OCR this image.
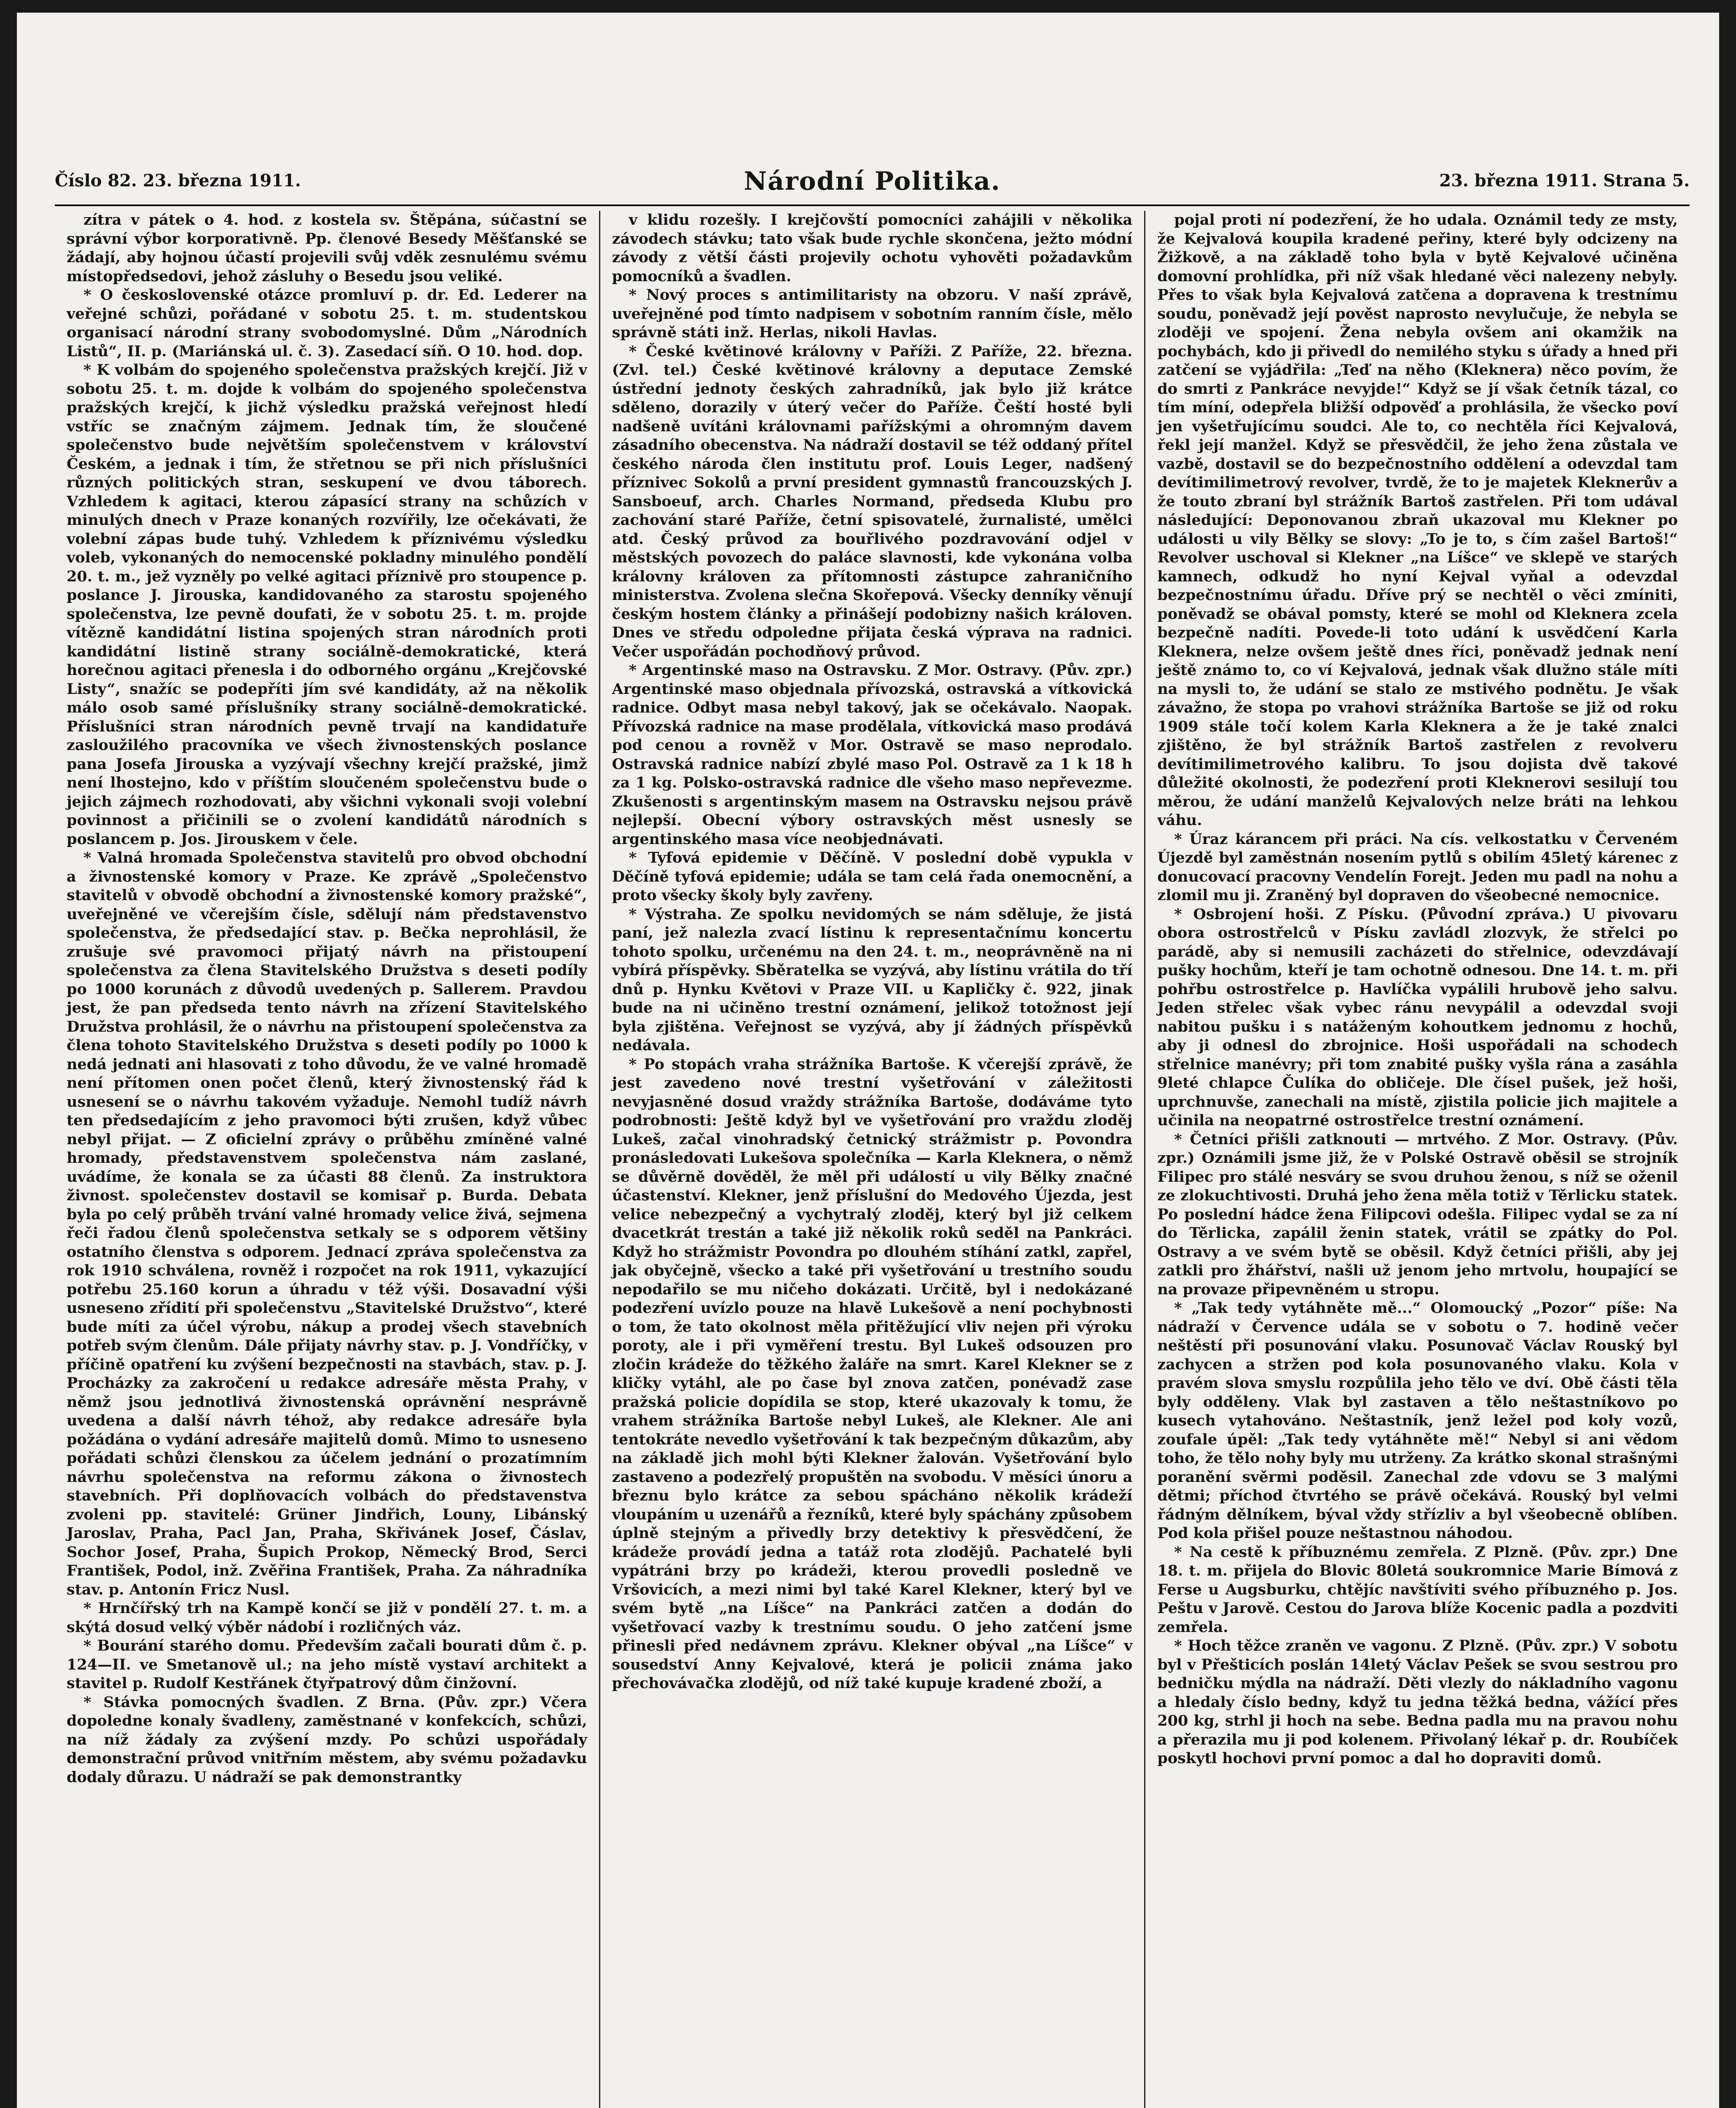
Číslo 82. 23. března 1911.	Národní Politika.	23. března 1911. Strana 5.

zítra v pátek o 4. hod. z kostela sv. Štěpána, súčastní se správní výbor korporativně. Pp. členové Besedy Měšťanské se žádají, aby hojnou účastí projevili svůj vděk zesnulému svému místopředsedovi, jehož zásluhy o Besedu jsou veliké.

* O československé otázce promluví p. dr. Ed. Lederer na veřejné schůzi, pořádané v sobotu 25. t. m. studentskou organisací národní strany svobodomyslné. Dům „Národních Listů“, II. p. (Mariánská ul. č. 3). Zasedací síň. O 10. hod. dop.

* K volbám do spojeného společenstva pražských krejčí. Již v sobotu 25. t. m. dojde k volbám do spojeného společenstva pražských krejčí, k jichž výsledku pražská veřejnost hledí vstříc se značným zájmem. Jednak tím, že sloučené společenstvo bude největším společenstvem v království Českém, a jednak i tím, že střetnou se při nich příslušníci různých politických stran, seskupení ve dvou táborech. Vzhledem k agitaci, kterou zápasící strany na schůzích v minulých dnech v Praze konaných rozvířily, lze očekávati, že volební zápas bude tuhý. Vzhledem k příznivému výsledku voleb, vykonaných do nemocenské pokladny minulého pondělí 20. t. m., jež vyzněly po velké agitaci příznivě pro stoupence p. poslance J. Jirouska, kandidovaného za starostu spojeného společenstva, lze pevně doufati, že v sobotu 25. t. m. projde vítězně kandidátní listina spojených stran národních proti kandidátní listině strany sociálně-demokratické, která horečnou agitaci přenesla i do odborného orgánu „Krejčovské Listy“, snažíc se podepříti jím své kandidáty, až na několik málo osob samé příslušníky strany sociálně-demokratické. Příslušníci stran národních pevně trvají na kandidatuře zasloužilého pracovníka ve všech živnostenských poslance pana Josefa Jirouska a vyzývají všechny krejčí pražské, jimž není lhostejno, kdo v příštím sloučeném společenstvu bude o jejich zájmech rozhodovati, aby všichni vykonali svoji volební povinnost a přičinili se o zvolení kandidátů národních s poslancem p. Jos. Jirouskem v čele.

* Valná hromada Společenstva stavitelů pro obvod obchodní a živnostenské komory v Praze. Ke zprávě „Společenstvo stavitelů v obvodě obchodní a živnostenské komory pražské“, uveřejněné ve včerejším čísle, sdělují nám představenstvo společenstva, že předsedající stav. p. Bečka neprohlásil, že zrušuje své pravomoci přijatý návrh na přistoupení společenstva za člena Stavitelského Družstva s deseti podíly po 1000 korunách z důvodů uvedených p. Sallerem. Pravdou jest, že pan předseda tento návrh na zřízení Stavitelského Družstva prohlásil, že o návrhu na přistoupení společenstva za člena tohoto Stavitelského Družstva s deseti podíly po 1000 k nedá jednati ani hlasovati z toho důvodu, že ve valné hromadě není přítomen onen počet členů, který živnostenský řád k usnesení se o návrhu takovém vyžaduje. Nemohl tudíž návrh ten předsedajícím z jeho pravomoci býti zrušen, když vůbec nebyl přijat. — Z oficielní zprávy o průběhu zmíněné valné hromady, představenstvem společenstva nám zaslané, uvádíme, že konala se za účasti 88 členů. Za instruktora živnost. společenstev dostavil se komisař p. Burda. Debata byla po celý průběh trvání valné hromady velice živá, sejmena řeči řadou členů společenstva setkaly se s odporem většiny ostatního členstva s odporem. Jednací zpráva společenstva za rok 1910 schválena, rovněž i rozpočet na rok 1911, vykazující potřebu 25.160 korun a úhradu v též výši. Dosavadní výši usneseno zřídití při společenstvu „Stavitelské Družstvo“, které bude míti za účel výrobu, nákup a prodej všech stavebních potřeb svým členům. Dále přijaty návrhy stav. p. J. Vondříčky, v příčině opatření ku zvýšení bezpečnosti na stavbách, stav. p. J. Procházky za zakročení u redakce adresáře města Prahy, v němž jsou jednotlivá živnostenská oprávnění nesprávně uvedena a další návrh téhož, aby redakce adresáře byla požádána o vydání adresáře majitelů domů. Mimo to usneseno pořádati schůzi členskou za účelem jednání o prozatímním návrhu společenstva na reformu zákona o živnostech stavebních. Při doplňovacích volbách do představenstva zvoleni pp. stavitelé: Grüner Jindřich, Louny, Libánský Jaroslav, Praha, Pacl Jan, Praha, Skřivánek Josef, Čáslav, Sochor Josef, Praha, Šupich Prokop, Německý Brod, Serci František, Podol, inž. Zvěřina František, Praha. Za náhradníka stav. p. Antonín Fricz Nusl.

* Hrnčířský trh na Kampě končí se již v pondělí 27. t. m. a skýtá dosud velký výběr nádobí i rozličných váz.

* Bourání starého domu. Především začali bourati dům č. p. 124—II. ve Smetanově ul.; na jeho místě vystaví architekt a stavitel p. Rudolf Kestřánek čtyřpatrový dům činžovní.

* Stávka pomocných švadlen. Z Brna. (Pův. zpr.) Včera dopoledne konaly švadleny, zaměstnané v konfekcích, schůzi, na níž žádaly za zvýšení mzdy. Po schůzi uspořádaly demonstrační průvod vnitřním městem, aby svému požadavku dodaly důrazu. U nádraží se pak demonstrantky

v klidu rozešly. I krejčovští pomocníci zahájili v několika závodech stávku; tato však bude rychle skončena, ježto módní závody z větší části projevily ochotu vyhověti požadavkům pomocníků a švadlen.

* Nový proces s antimilitaristy na obzoru. V naší zprávě, uveřejněné pod tímto nadpisem v sobotním ranním čísle, mělo správně státi inž. Herlas, nikoli Havlas.

* České květinové královny v Paříži. Z Paříže, 22. března. (Zvl. tel.) České květinové královny a deputace Zemské ústřední jednoty českých zahradníků, jak bylo již krátce sděleno, dorazily v úterý večer do Paříže. Čeští hosté byli nadšeně uvítáni královnami pařížskými a ohromným davem zásadního obecenstva. Na nádraží dostavil se též oddaný přítel českého národa člen institutu prof. Louis Leger, nadšený příznivec Sokolů a první president gymnastů francouzských J. Sansboeuf, arch. Charles Normand, předseda Klubu pro zachování staré Paříže, četní spisovatelé, žurnalisté, umělci atd. Český průvod za bouřlivého pozdravování odjel v městských povozech do paláce slavnosti, kde vykonána volba královny královen za přítomnosti zástupce zahraničního ministerstva. Zvolena slečna Skořepová. Všecky denníky věnují českým hostem články a přinášejí podobizny našich královen. Dnes ve středu odpoledne přijata česká výprava na radnici. Večer uspořádán pochodňový průvod.

* Argentinské maso na Ostravsku. Z Mor. Ostravy. (Pův. zpr.) Argentinské maso objednala přívozská, ostravská a vítkovická radnice. Odbyt masa nebyl takový, jak se očekávalo. Naopak. Přívozská radnice na mase prodělala, vítkovická maso prodává pod cenou a rovněž v Mor. Ostravě se maso neprodalo. Ostravská radnice nabízí zbylé maso Pol. Ostravě za 1 k 18 h za 1 kg. Polsko-ostravská radnice dle všeho maso nepřevezme. Zkušenosti s argentinským masem na Ostravsku nejsou právě nejlepší. Obecní výbory ostravských měst usnesly se argentinského masa více neobjednávati.

* Tyfová epidemie v Děčíně. V poslední době vypukla v Děčíně tyfová epidemie; udála se tam celá řada onemocnění, a proto všecky školy byly zavřeny.

* Výstraha. Ze spolku nevidomých se nám sděluje, že jistá paní, jež nalezla zvací lístinu k representačnímu koncertu tohoto spolku, určenému na den 24. t. m., neoprávněně na ni vybírá příspěvky. Sběratelka se vyzývá, aby lístinu vrátila do tří dnů p. Hynku Květovi v Praze VII. u Kapličky č. 922, jinak bude na ni učiněno trestní oznámení, jelikož totožnost její byla zjištěna. Veřejnost se vyzývá, aby jí žádných příspěvků nedávala.

* Po stopách vraha strážníka Bartoše. K včerejší zprávě, že jest zavedeno nové trestní vyšetřování v záležitosti nevyjasněné dosud vraždy strážníka Bartoše, dodáváme tyto podrobnosti: Ještě když byl ve vyšetřování pro vraždu zloděj Lukeš, začal vinohradský četnický strážmistr p. Povondra pronásledovati Lukešova společníka — Karla Kleknera, o němž se důvěrně dověděl, že měl při událostí u vily Bělky značné účastenství. Klekner, jenž příslušní do Medového Újezda, jest velice nebezpečný a vychytralý zloděj, který byl již celkem dvacetkrát trestán a také již několik roků seděl na Pankráci. Když ho strážmistr Povondra po dlouhém stíhání zatkl, zapřel, jak obyčejně, všecko a také při vyšetřování u trestního soudu nepodařilo se mu ničeho dokázati. Určitě, byl i nedokázané podezření uvízlo pouze na hlavě Lukešově a není pochybnosti o tom, že tato okolnost měla přitěžující vliv nejen při výroku poroty, ale i při vyměření trestu. Byl Lukeš odsouzen pro zločin krádeže do těžkého žaláře na smrt. Karel Klekner se z kličky vytáhl, ale po čase byl znova zatčen, ponévadž zase pražská policie dopídila se stop, které ukazovaly k tomu, že vrahem strážníka Bartoše nebyl Lukeš, ale Klekner. Ale ani tentokráte nevedlo vyšetřování k tak bezpečným důkazům, aby na základě jich mohl býti Klekner žalován. Vyšetřování bylo zastaveno a podezřelý propuštěn na svobodu. V měsíci únoru a březnu bylo krátce za sebou spácháno několik krádeží vloupáním u uzenářů a řezníků, které byly spáchány způsobem úplně stejným a přivedly brzy detektivy k přesvědčení, že krádeže provádí jedna a tatáž rota zlodějů. Pachatelé byli vypátráni brzy po krádeži, kterou provedli posledně ve Vršovicích, a mezi nimi byl také Karel Klekner, který byl ve svém bytě „na Líšce“ na Pankráci zatčen a dodán do vyšetřovací vazby k trestnímu soudu. O jeho zatčení jsme přinesli před nedávnem zprávu. Klekner obýval „na Líšce“ v sousedství Anny Kejvalové, která je policii známa jako přechovávačka zlodějů, od níž také kupuje kradené zboží, a

pojal proti ní podezření, že ho udala. Oznámil tedy ze msty, že Kejvalová koupila kradené peřiny, které byly odcizeny na Žižkově, a na základě toho byla v bytě Kejvalové učiněna domovní prohlídka, při níž však hledané věci nalezeny nebyly. Přes to však byla Kejvalová zatčena a dopravena k trestnímu soudu, poněvadž její pověst naprosto nevylučuje, že nebyla se zloději ve spojení. Žena nebyla ovšem ani okamžik na pochybách, kdo ji přivedl do nemilého styku s úřady a hned při zatčení se vyjádřila: „Teď na něho (Kleknera) něco povím, že do smrti z Pankráce nevyjde!“ Když se jí však četník tázal, co tím míní, odepřela bližší odpověď a prohlásila, že všecko poví jen vyšetřujícímu soudci. Ale to, co nechtěla říci Kejvalová, řekl její manžel. Když se přesvědčil, že jeho žena zůstala ve vazbě, dostavil se do bezpečnostního oddělení a odevzdal tam devítimilimetrový revolver, tvrdě, že to je majetek Kleknerův a že touto zbraní byl strážník Bartoš zastřelen. Při tom udával následující: Deponovanou zbraň ukazoval mu Klekner po události u vily Bělky se slovy: „To je to, s čím zašel Bartoš!“ Revolver uschoval si Klekner „na Líšce“ ve sklepě ve starých kamnech, odkudž ho nyní Kejval vyňal a odevzdal bezpečnostnímu úřadu. Dříve prý se nechtěl o věci zmíniti, poněvadž se obával pomsty, které se mohl od Kleknera zcela bezpečně nadíti. Povede-li toto udání k usvědčení Karla Kleknera, nelze ovšem ještě dnes říci, poněvadž jednak není ještě známo to, co ví Kejvalová, jednak však dlužno stále míti na mysli to, že udání se stalo ze mstivého podnětu. Je však závažno, že stopa po vrahovi strážníka Bartoše se již od roku 1909 stále točí kolem Karla Kleknera a že je také znalci zjištěno, že byl strážník Bartoš zastřelen z revolveru devítimilimetrového kalibru. To jsou dojista dvě takové důležité okolnosti, že podezření proti Kleknerovi sesilují tou měrou, že udání manželů Kejvalových nelze bráti na lehkou váhu.

* Úraz kárancem při práci. Na cís. velkostatku v Červeném Újezdě byl zaměstnán nosením pytlů s obilím 45letý kárenec z donucovací pracovny Vendelín Forejt. Jeden mu padl na nohu a zlomil mu ji. Zraněný byl dopraven do všeobecné nemocnice.

* Osbrojení hoši. Z Písku. (Původní zpráva.) U pivovaru obora ostrostřelců v Písku zavládl zlozvyk, že střelci po parádě, aby si nemusili zacházeti do střelnice, odevzdávají pušky hochům, kteří je tam ochotně odnesou. Dne 14. t. m. při pohřbu ostrostřelce p. Havlíčka vypálili hrubově jeho salvu. Jeden střelec však vybec ránu nevypálil a odevzdal svoji nabitou pušku i s natáženým kohoutkem jednomu z hochů, aby ji odnesl do zbrojnice. Hoši uspořádali na schodech střelnice manévry; při tom znabité pušky vyšla rána a zasáhla 9leté chlapce Čulíka do obličeje. Dle čísel pušek, jež hoši, uprchnuvše, zanechali na místě, zjistila policie jich majitele a učinila na neopatrné ostrostřelce trestní oznámení.

* Četníci přišli zatknouti — mrtvého. Z Mor. Ostravy. (Pův. zpr.) Oznámili jsme již, že v Polské Ostravě oběsil se strojník Filipec pro stálé nesváry se svou druhou ženou, s níž se oženil ze zlokuchtivosti. Druhá jeho žena měla totiž v Těrlicku statek. Po poslední hádce žena Filipcovi odešla. Filipec vydal se za ní do Těrlicka, zapálil ženin statek, vrátil se zpátky do Pol. Ostravy a ve svém bytě se oběsil. Když četníci přišli, aby jej zatkli pro žhářství, našli už jenom jeho mrtvolu, houpající se na provaze připevněném u stropu.

* „Tak tedy vytáhněte mě...“ Olomoucký „Pozor“ píše: Na nádraží v Července udála se v sobotu o 7. hodině večer neštěstí při posunování vlaku. Posunovač Václav Rouský byl zachycen a stržen pod kola posunovaného vlaku. Kola v pravém slova smyslu rozpůlila jeho tělo ve dví. Obě části těla byly odděleny. Vlak byl zastaven a tělo neštastníkovo po kusech vytahováno. Neštastník, jenž ležel pod koly vozů, zoufale úpěl: „Tak tedy vytáhněte mě!“ Nebyl si ani vědom toho, že tělo nohy byly mu utrženy. Za krátko skonal strašnými poranění svěrmi poděsil. Zanechal zde vdovu se 3 malými dětmi; příchod čtvrtého se právě očekává. Rouský byl velmi řádným dělníkem, býval vždy střízliv a byl všeobecně oblíben. Pod kola přišel pouze neštastnou náhodou.

* Na cestě k příbuznému zemřela. Z Plzně. (Pův. zpr.) Dne 18. t. m. přijela do Blovic 80letá soukromnice Marie Bímová z Ferse u Augsburku, chtějíc navštíviti svého příbuzného p. Jos. Peštu v Jarově. Cestou do Jarova blíže Kocenic padla a pozdviti zemřela.

* Hoch těžce zraněn ve vagonu. Z Plzně. (Pův. zpr.) V sobotu byl v Přešticích poslán 14letý Václav Pešek se svou sestrou pro bedničku mýdla na nádraží. Děti vlezly do nákladního vagonu a hledaly číslo bedny, když tu jedna těžká bedna, vážící přes 200 kg, strhl ji hoch na sebe. Bedna padla mu na pravou nohu a přerazila mu ji pod kolenem. Přivolaný lékař p. dr. Roubíček poskytl hochovi první pomoc a dal ho dopraviti domů.
